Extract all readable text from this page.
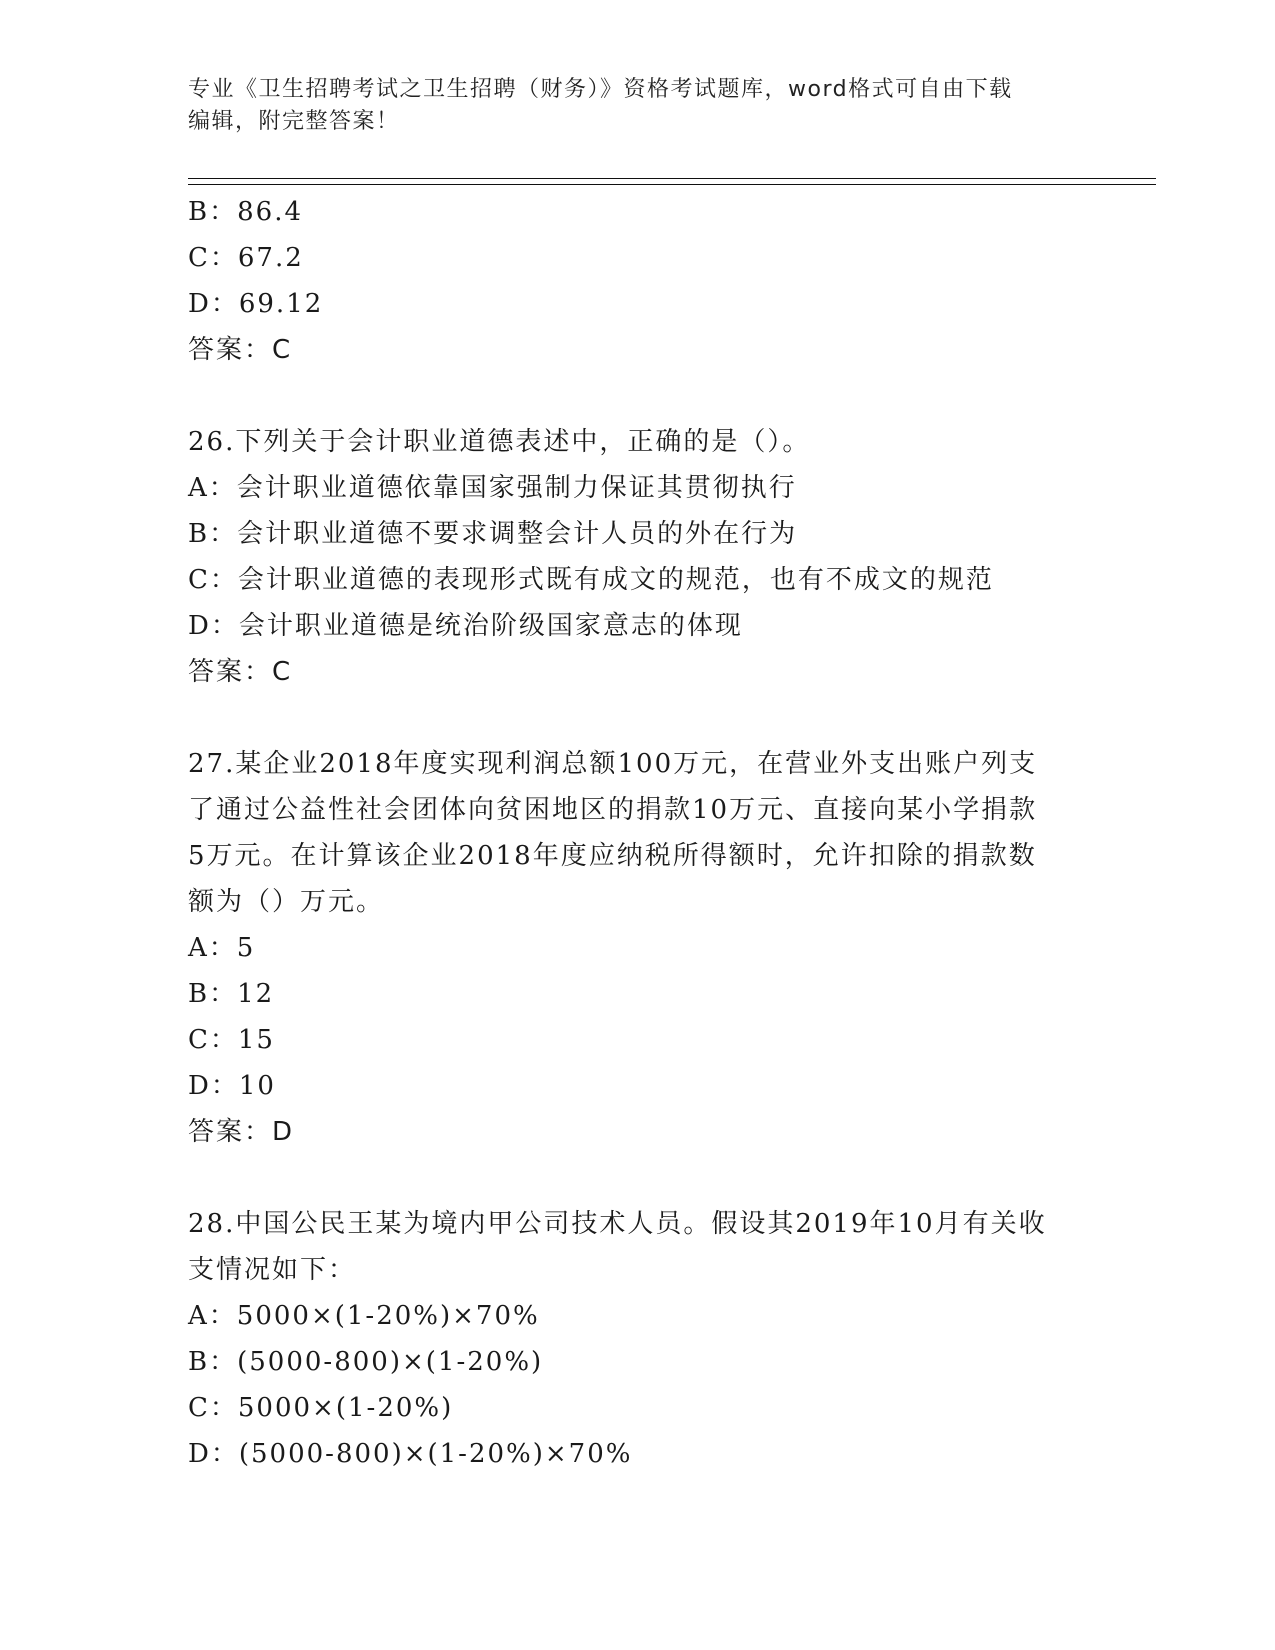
专业《卫生招聘考试之卫生招聘（财务）》资格考试题库，word格式可自由下载
编辑，附完整答案！
B：86.4
C：67.2
D：69.12
答案：C
26.下列关于会计职业道德表述中，正确的是（）。
A：会计职业道德依靠国家强制力保证其贯彻执行
B：会计职业道德不要求调整会计人员的外在行为
C：会计职业道德的表现形式既有成文的规范，也有不成文的规范
D：会计职业道德是统治阶级国家意志的体现
答案：C
27.某企业2018年度实现利润总额100万元，在营业外支出账户列支
了通过公益性社会团体向贫困地区的捐款10万元、直接向某小学捐款
5万元。在计算该企业2018年度应纳税所得额时，允许扣除的捐款数
额为（）万元。
A：5
B：12
C：15
D：10
答案：D
28.中国公民王某为境内甲公司技术人员。假设其2019年10月有关收
支情况如下：
A：5000×(1-20%)×70%
B：(5000-800)×(1-20%)
C：5000×(1-20%)
D：(5000-800)×(1-20%)×70%
